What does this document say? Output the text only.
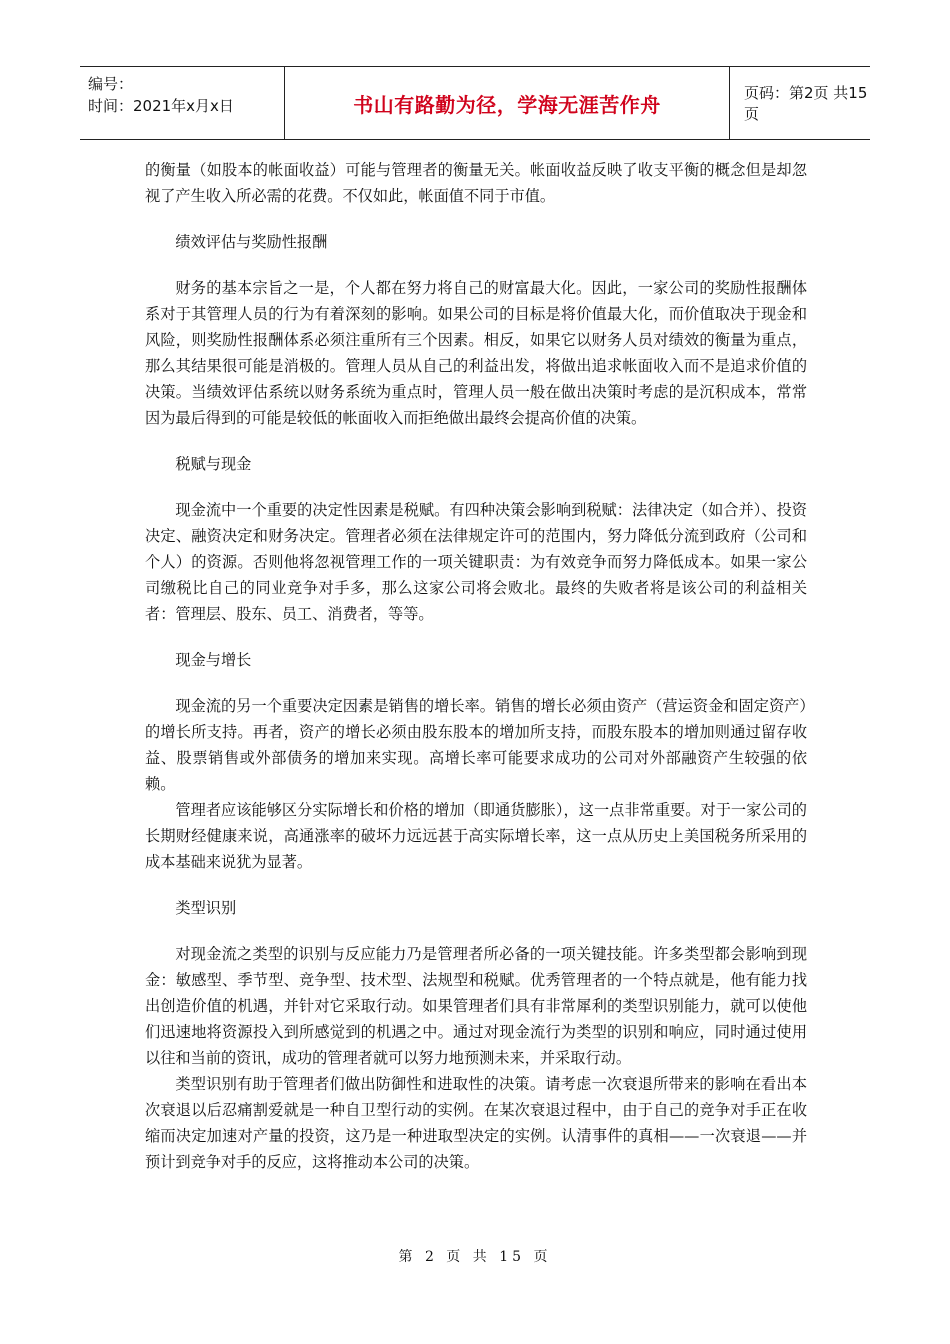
编号：
时间：2021年x月x日	书山有路勤为径，学海无涯苦作舟	页码：第2页 共15页

的衡量（如股本的帐面收益）可能与管理者的衡量无关。帐面收益反映了收支平衡的概念但是却忽视了产生收入所必需的花费。不仅如此，帐面值不同于市值。

绩效评估与奖励性报酬

财务的基本宗旨之一是，个人都在努力将自己的财富最大化。因此，一家公司的奖励性报酬体系对于其管理人员的行为有着深刻的影响。如果公司的目标是将价值最大化，而价值取决于现金和风险，则奖励性报酬体系必须注重所有三个因素。相反，如果它以财务人员对绩效的衡量为重点，那么其结果很可能是消极的。管理人员从自己的利益出发，将做出追求帐面收入而不是追求价值的决策。当绩效评估系统以财务系统为重点时，管理人员一般在做出决策时考虑的是沉积成本，常常因为最后得到的可能是较低的帐面收入而拒绝做出最终会提高价值的决策。

税赋与现金

现金流中一个重要的决定性因素是税赋。有四种决策会影响到税赋：法律决定（如合并）、投资决定、融资决定和财务决定。管理者必须在法律规定许可的范围内，努力降低分流到政府（公司和个人）的资源。否则他将忽视管理工作的一项关键职责：为有效竞争而努力降低成本。如果一家公司缴税比自己的同业竞争对手多，那么这家公司将会败北。最终的失败者将是该公司的利益相关者：管理层、股东、员工、消费者，等等。

现金与增长

现金流的另一个重要决定因素是销售的增长率。销售的增长必须由资产（营运资金和固定资产）的增长所支持。再者，资产的增长必须由股东股本的增加所支持，而股东股本的增加则通过留存收益、股票销售或外部债务的增加来实现。高增长率可能要求成功的公司对外部融资产生较强的依赖。

管理者应该能够区分实际增长和价格的增加（即通货膨胀），这一点非常重要。对于一家公司的长期财经健康来说，高通涨率的破坏力远远甚于高实际增长率，这一点从历史上美国税务所采用的成本基础来说犹为显著。

类型识别

对现金流之类型的识别与反应能力乃是管理者所必备的一项关键技能。许多类型都会影响到现金：敏感型、季节型、竞争型、技术型、法规型和税赋。优秀管理者的一个特点就是，他有能力找出创造价值的机遇，并针对它采取行动。如果管理者们具有非常犀利的类型识别能力，就可以使他们迅速地将资源投入到所感觉到的机遇之中。通过对现金流行为类型的识别和响应，同时通过使用以往和当前的资讯，成功的管理者就可以努力地预测未来，并采取行动。

类型识别有助于管理者们做出防御性和进取性的决策。请考虑一次衰退所带来的影响在看出本次衰退以后忍痛割爱就是一种自卫型行动的实例。在某次衰退过程中，由于自己的竞争对手正在收缩而决定加速对产量的投资，这乃是一种进取型决定的实例。认清事件的真相——一次衰退——并预计到竞争对手的反应，这将推动本公司的决策。

第 2 页 共 15 页
